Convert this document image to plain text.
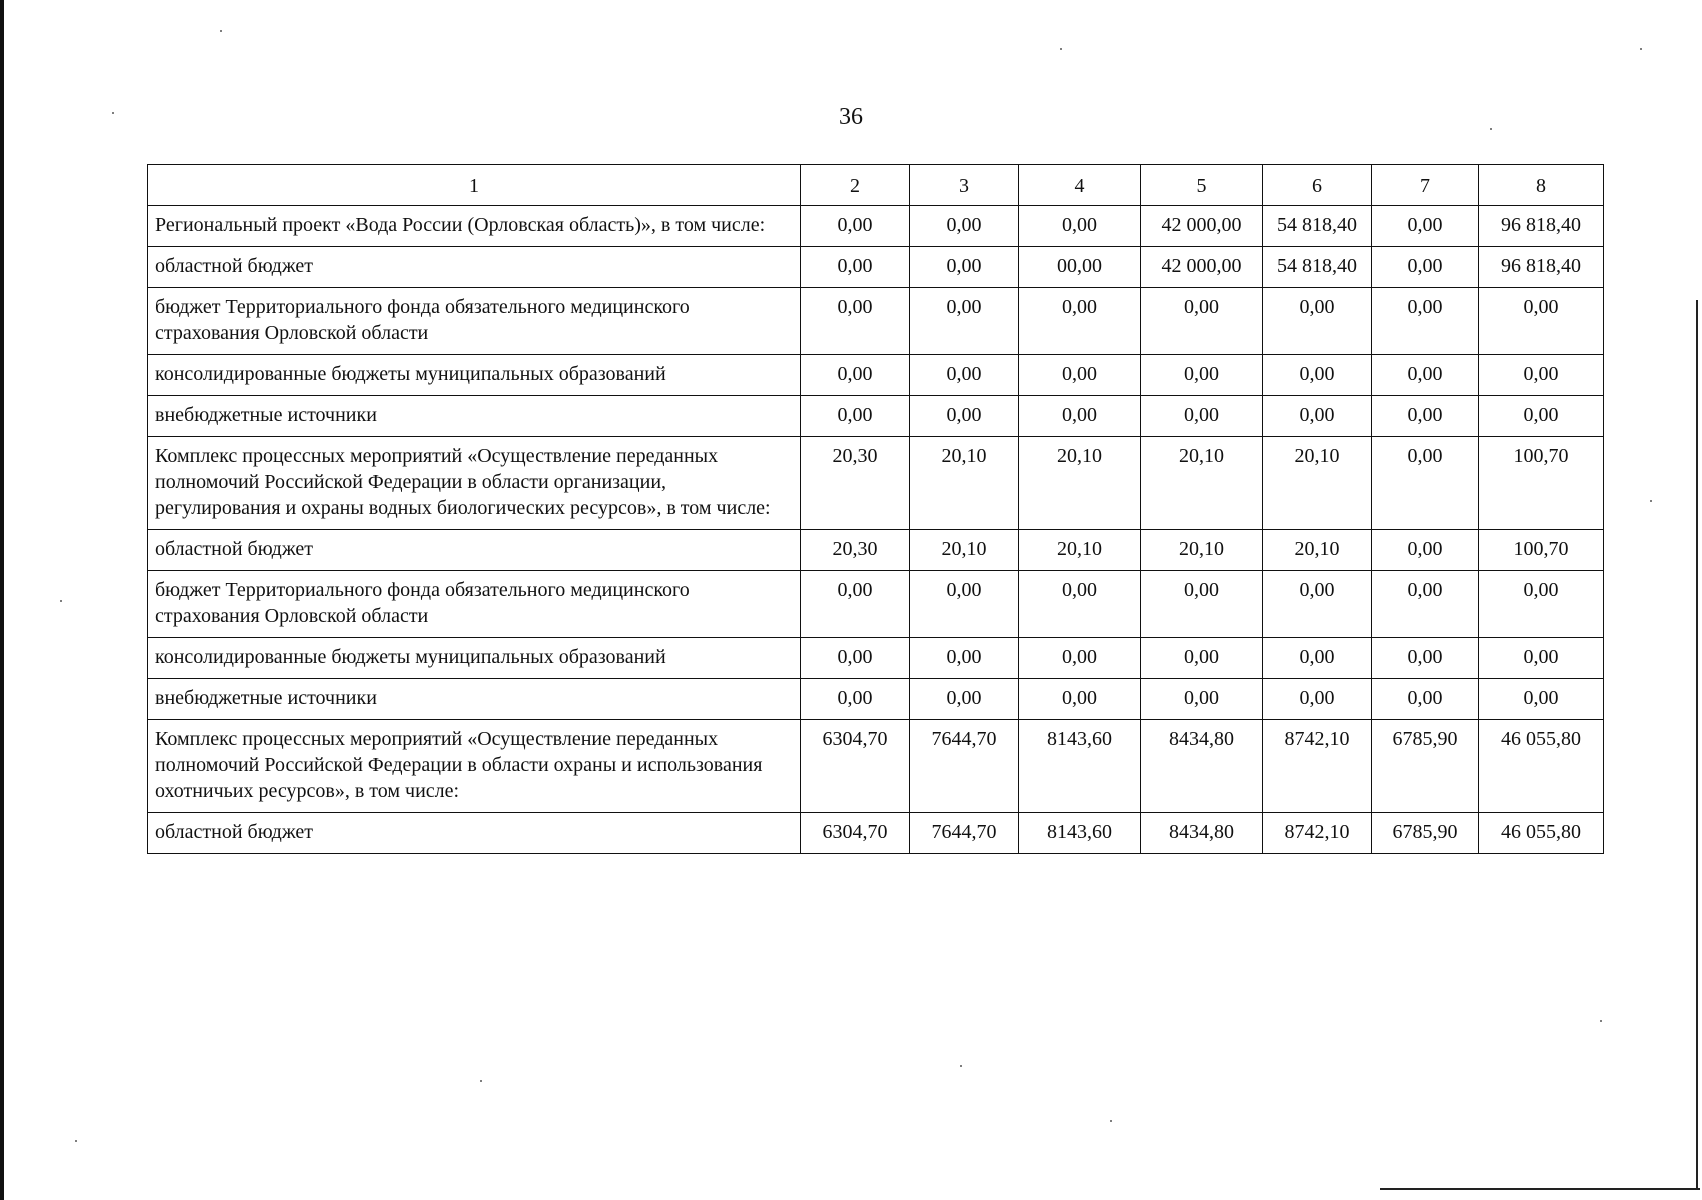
36
1	2	3	4	5	6	7	8
Региональный проект «Вода России (Орловская область)», в том числе:	0,00	0,00	0,00	42 000,00	54 818,40	0,00	96 818,40
областной бюджет	0,00	0,00	00,00	42 000,00	54 818,40	0,00	96 818,40
бюджет Территориального фонда обязательного медицинского страхования Орловской области	0,00	0,00	0,00	0,00	0,00	0,00	0,00
консолидированные бюджеты муниципальных образований	0,00	0,00	0,00	0,00	0,00	0,00	0,00
внебюджетные источники	0,00	0,00	0,00	0,00	0,00	0,00	0,00
Комплекс процессных мероприятий «Осуществление переданных полномочий Российской Федерации в области организации, регулирования и охраны водных биологических ресурсов», в том числе:	20,30	20,10	20,10	20,10	20,10	0,00	100,70
областной бюджет	20,30	20,10	20,10	20,10	20,10	0,00	100,70
бюджет Территориального фонда обязательного медицинского страхования Орловской области	0,00	0,00	0,00	0,00	0,00	0,00	0,00
консолидированные бюджеты муниципальных образований	0,00	0,00	0,00	0,00	0,00	0,00	0,00
внебюджетные источники	0,00	0,00	0,00	0,00	0,00	0,00	0,00
Комплекс процессных мероприятий «Осуществление переданных полномочий Российской Федерации в области охраны и использования охотничьих ресурсов», в том числе:	6304,70	7644,70	8143,60	8434,80	8742,10	6785,90	46 055,80
областной бюджет	6304,70	7644,70	8143,60	8434,80	8742,10	6785,90	46 055,80
